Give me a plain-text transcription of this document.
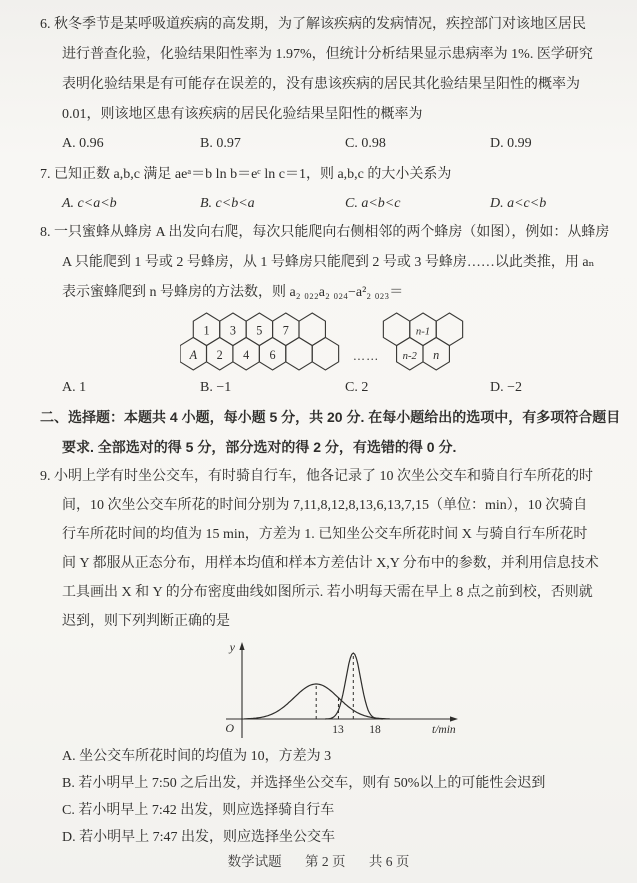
6. 秋冬季节是某呼吸道疾病的高发期，为了解该疾病的发病情况，疾控部门对该地区居民
进行普查化验，化验结果阳性率为 1.97%，但统计分析结果显示患病率为 1%. 医学研究
表明化验结果是有可能存在误差的，没有患该疾病的居民其化验结果呈阳性的概率为
0.01，则该地区患有该疾病的居民化验结果呈阳性的概率为
A. 0.96	B. 0.97	C. 0.98	D. 0.99
7. 已知正数 a,b,c 满足 aeᵃ＝b ln b＝eᶜ ln c＝1，则 a,b,c 的大小关系为
A. c<a<b	B. c<b<a	C. a<b<c	D. a<c<b
8. 一只蜜蜂从蜂房 A 出发向右爬，每次只能爬向右侧相邻的两个蜂房（如图），例如：从蜂房
A 只能爬到 1 号或 2 号蜂房，从 1 号蜂房只能爬到 2 号或 3 号蜂房……以此类推，用 aₙ
表示蜜蜂爬到 n 号蜂房的方法数，则 a₂ ₀₂₂a₂ ₀₂₄−a²₂ ₀₂₃＝
1 3 5 7
A 2 4 6
n-1
n-2 n
……
A. 1	B. −1	C. 2	D. −2
二、选择题：本题共 4 小题，每小题 5 分，共 20 分. 在每小题给出的选项中，有多项符合题目
要求. 全部选对的得 5 分，部分选对的得 2 分，有选错的得 0 分.
9. 小明上学有时坐公交车，有时骑自行车，他各记录了 10 次坐公交车和骑自行车所花的时
间，10 次坐公交车所花的时间分别为 7,11,8,12,8,13,6,13,7,15（单位：min），10 次骑自
行车所花时间的均值为 15 min，方差为 1. 已知坐公交车所花时间 X 与骑自行车所花时
间 Y 都服从正态分布，用样本均值和样本方差估计 X,Y 分布中的参数，并利用信息技术
工具画出 X 和 Y 的分布密度曲线如图所示. 若小明每天需在早上 8 点之前到校，否则就
迟到，则下列判断正确的是
y
O	13 18	t/min
A. 坐公交车所花时间的均值为 10，方差为 3
B. 若小明早上 7:50 之后出发，并选择坐公交车，则有 50%以上的可能性会迟到
C. 若小明早上 7:42 出发，则应选择骑自行车
D. 若小明早上 7:47 出发，则应选择坐公交车
数学试题 第 2 页 共 6 页
